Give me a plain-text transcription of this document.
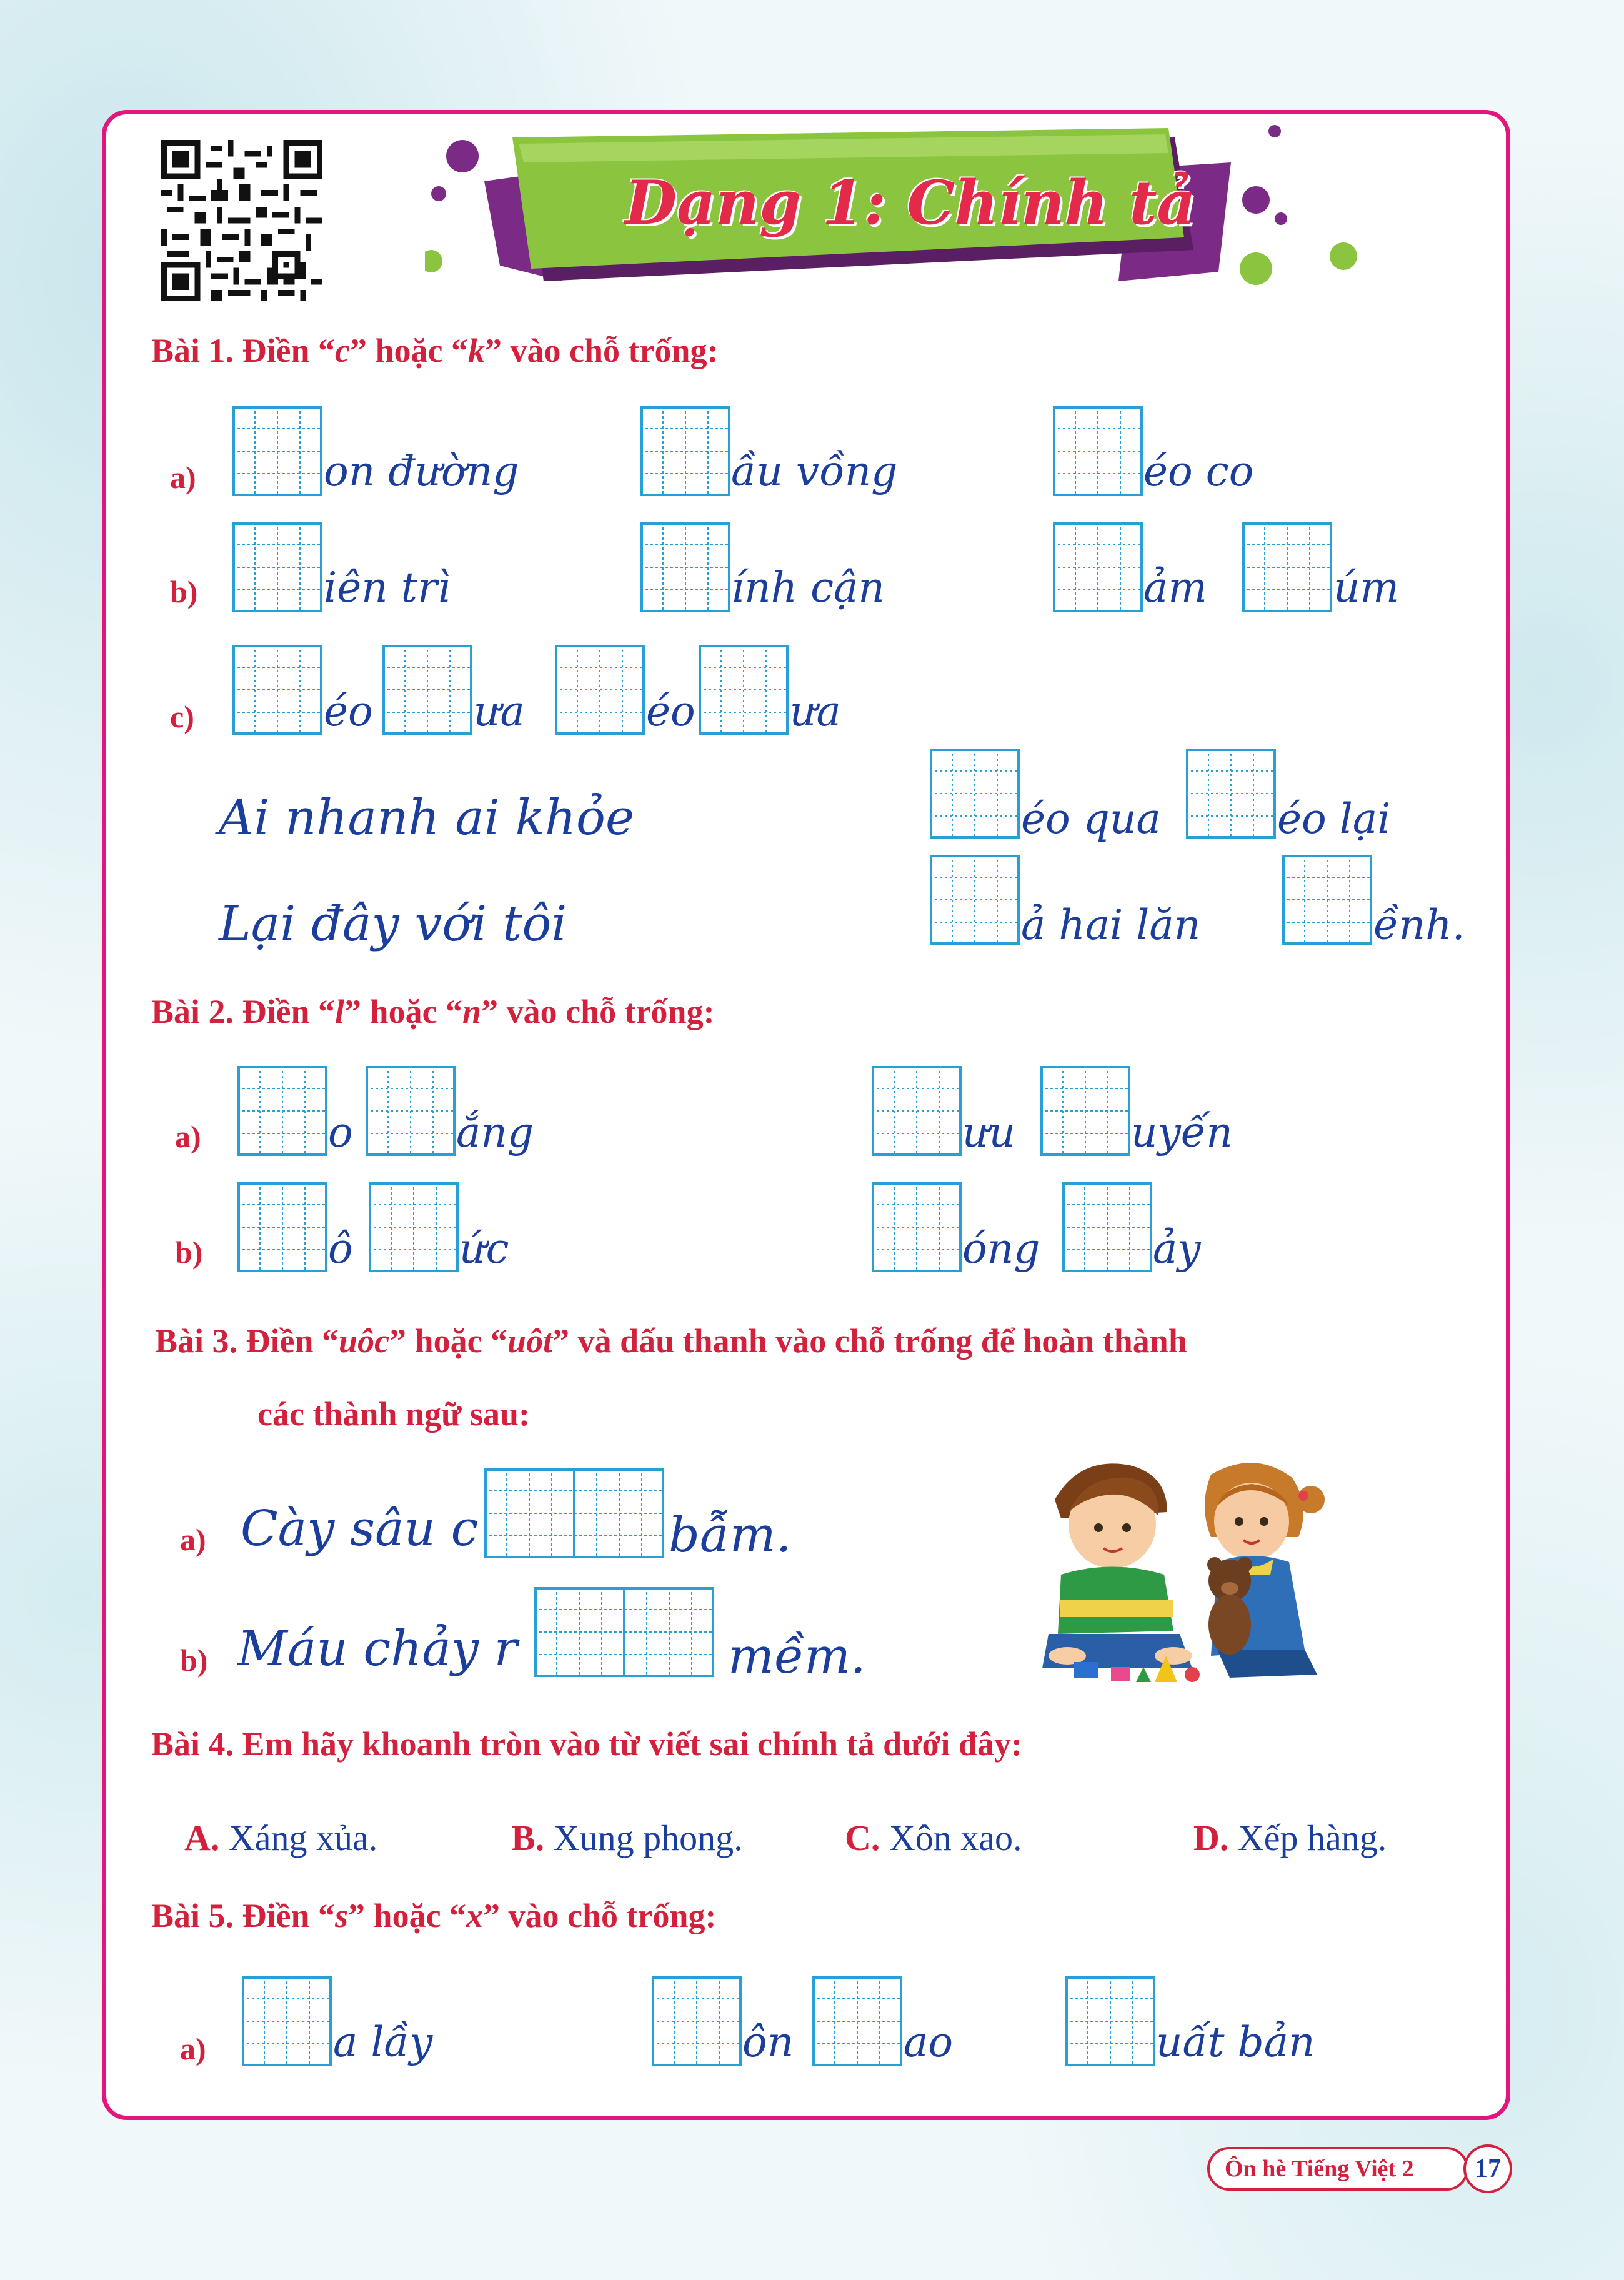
Dạng 1: Chính tả
Bài 1. Điền “c” hoặc “k” vào chỗ trống:
a)	on đường	ầu vồng	éo co
b)	iên trì	ính cận	ảm	úm
c)	éo ưa	éo ưa
Ai nhanh ai khỏe
Lại đây với tôi
éo qua	éo lại
ả hai lăn	ềnh.
Bài 2. Điền “l” hoặc “n” vào chỗ trống:
a)	o	ắng	ưu	uyến
b)	ô	ức	óng	ảy
Bài 3. Điền “uôc” hoặc “uôt” và dấu thanh vào chỗ trống để hoàn thành
các thành ngữ sau:
a) Cày sâu c	bẫm.
b) Máu chảy r	mềm.
Bài 4. Em hãy khoanh tròn vào từ viết sai chính tả dưới đây:
A. Xáng xủa.	B. Xung phong.	C. Xôn xao.	D. Xếp hàng.
Bài 5. Điền “s” hoặc “x” vào chỗ trống:
a)	a lầy	ôn	ao	uất bản
Ôn hè Tiếng Việt 2	17
